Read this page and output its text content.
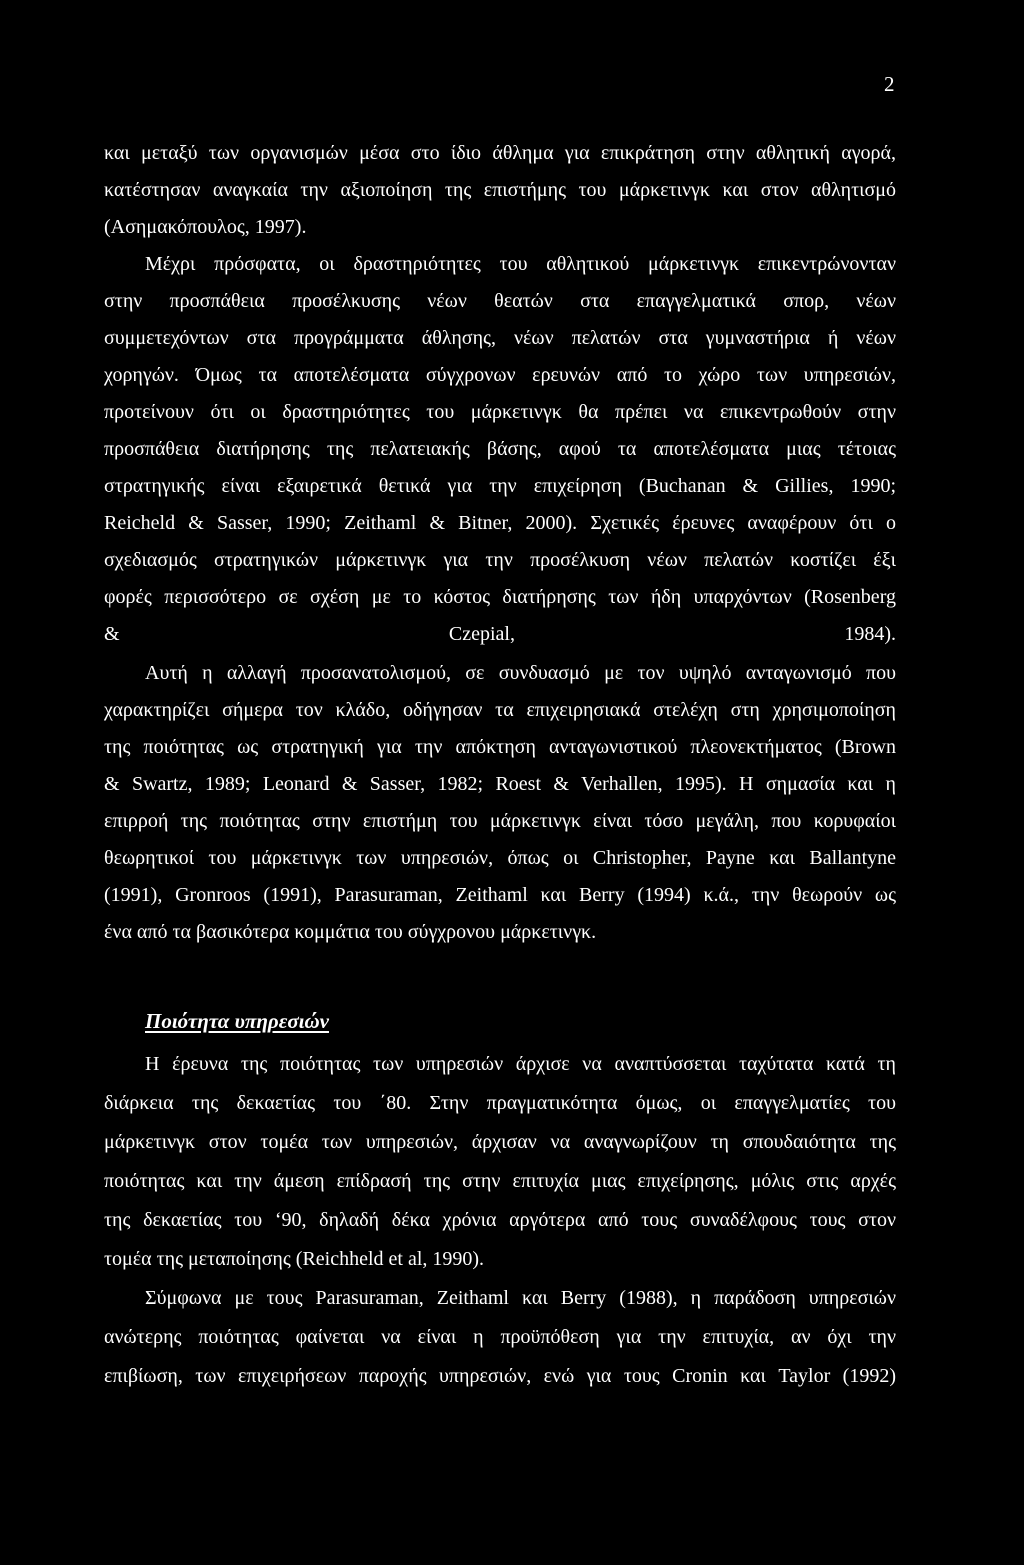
2
και μεταξύ των οργανισμών μέσα στο ίδιο άθλημα για επικράτηση στην αθλητική αγορά,
κατέστησαν αναγκαία την αξιοποίηση της επιστήμης του μάρκετινγκ και στον αθλητισμό
(Ασημακόπουλος, 1997).
Μέχρι πρόσφατα, οι δραστηριότητες του αθλητικού μάρκετινγκ επικεντρώνονταν
στην προσπάθεια προσέλκυσης νέων θεατών στα επαγγελματικά σπορ, νέων
συμμετεχόντων στα προγράμματα άθλησης, νέων πελατών στα γυμναστήρια ή νέων
χορηγών. Όμως τα αποτελέσματα σύγχρονων ερευνών από το χώρο των υπηρεσιών,
προτείνουν ότι οι δραστηριότητες του μάρκετινγκ θα πρέπει να επικεντρωθούν στην
προσπάθεια διατήρησης της πελατειακής βάσης, αφού τα αποτελέσματα μιας τέτοιας
στρατηγικής είναι εξαιρετικά θετικά για την επιχείρηση (Buchanan & Gillies, 1990;
Reicheld & Sasser, 1990; Zeithaml & Bitner, 2000). Σχετικές έρευνες αναφέρουν ότι ο
σχεδιασμός στρατηγικών μάρκετινγκ για την προσέλκυση νέων πελατών κοστίζει έξι
φορές περισσότερο σε σχέση με το κόστος διατήρησης των ήδη υπαρχόντων (Rosenberg
& Czepial, 1984).
Αυτή η αλλαγή προσανατολισμού, σε συνδυασμό με τον υψηλό ανταγωνισμό που
χαρακτηρίζει σήμερα τον κλάδο, οδήγησαν τα επιχειρησιακά στελέχη στη χρησιμοποίηση
της ποιότητας ως στρατηγική για την απόκτηση ανταγωνιστικού πλεονεκτήματος (Brown
& Swartz, 1989; Leonard & Sasser, 1982; Roest & Verhallen, 1995). Η σημασία και η
επιρροή της ποιότητας στην επιστήμη του μάρκετινγκ είναι τόσο μεγάλη, που κορυφαίοι
θεωρητικοί του μάρκετινγκ των υπηρεσιών, όπως οι Christopher, Payne και Ballantyne
(1991), Gronroos (1991), Parasuraman, Zeithaml και Berry (1994) κ.ά., την θεωρούν ως
ένα από τα βασικότερα κομμάτια του σύγχρονου μάρκετινγκ.
Ποιότητα υπηρεσιών
Η έρευνα της ποιότητας των υπηρεσιών άρχισε να αναπτύσσεται ταχύτατα κατά τη
διάρκεια της δεκαετίας του ΄80. Στην πραγματικότητα όμως, οι επαγγελματίες του
μάρκετινγκ στον τομέα των υπηρεσιών, άρχισαν να αναγνωρίζουν τη σπουδαιότητα της
ποιότητας και την άμεση επίδρασή της στην επιτυχία μιας επιχείρησης, μόλις στις αρχές
της δεκαετίας του ‘90, δηλαδή δέκα χρόνια αργότερα από τους συναδέλφους τους στον
τομέα της μεταποίησης (Reichheld et al, 1990).
Σύμφωνα με τους Parasuraman, Zeithaml και Berry (1988), η παράδοση υπηρεσιών
ανώτερης ποιότητας φαίνεται να είναι η προϋπόθεση για την επιτυχία, αν όχι την
επιβίωση, των επιχειρήσεων παροχής υπηρεσιών, ενώ για τους Cronin και Taylor (1992)
